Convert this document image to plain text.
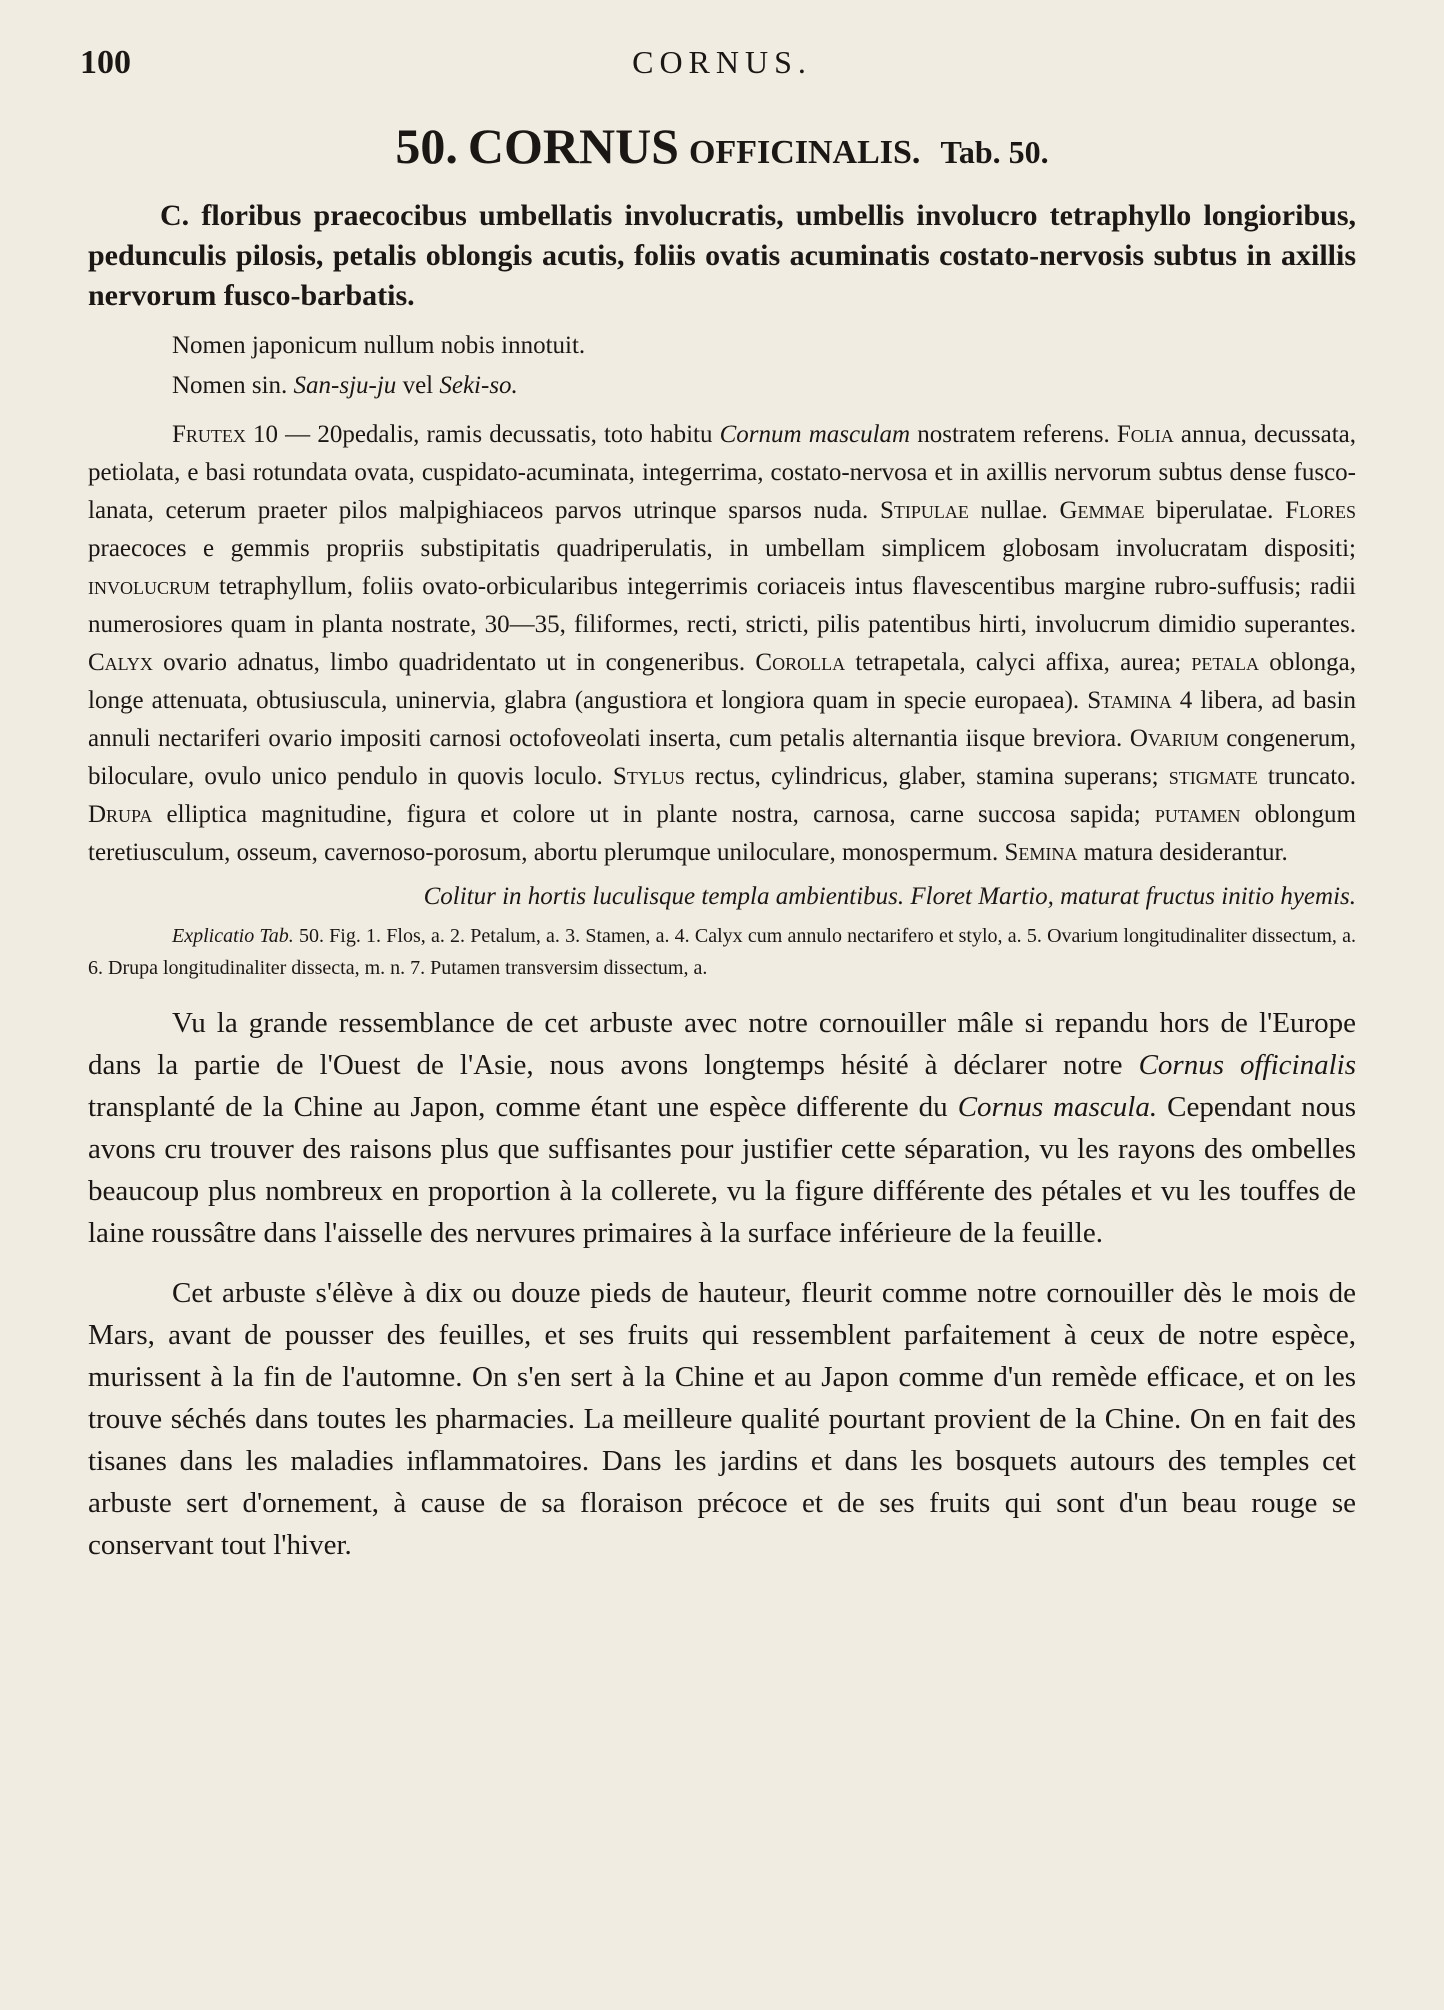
100	CORNUS.
50. CORNUS OFFICINALIS. Tab. 50.

C. floribus praecocibus umbellatis involucratis, umbellis involucro tetraphyllo longioribus, pedunculis pilosis, petalis oblongis acutis, foliis ovatis acuminatis costato-nervosis subtus in axillis nervorum fusco-barbatis.

Nomen japonicum nullum nobis innotuit.

Nomen sin. San-sju-ju vel Seki-so.

Frutex 10 — 20pedalis, ramis decussatis, toto habitu Cornum masculam nostratem referens. Folia annua, decussata, petiolata, e basi rotundata ovata, cuspidato-acuminata, integerrima, costato-nervosa et in axillis nervorum subtus dense fusco-lanata, ceterum praeter pilos malpighiaceos parvos utrinque sparsos nuda. Stipulae nullae. Gemmae biperulatae. Flores praecoces e gemmis propriis substipitatis quadriperulatis, in umbellam simplicem globosam involucratam dispositi; involucrum tetraphyllum, foliis ovato-orbicularibus integerrimis coriaceis intus flavescentibus margine rubro-suffusis; radii numerosiores quam in planta nostrate, 30—35, filiformes, recti, stricti, pilis patentibus hirti, involucrum dimidio superantes. Calyx ovario adnatus, limbo quadridentato ut in congeneribus. Corolla tetrapetala, calyci affixa, aurea; petala oblonga, longe attenuata, obtusiuscula, uninervia, glabra (angustiora et longiora quam in specie europaea). Stamina 4 libera, ad basin annuli nectariferi ovario impositi carnosi octofoveolati inserta, cum petalis alternantia iisque breviora. Ovarium congenerum, biloculare, ovulo unico pendulo in quovis loculo. Stylus rectus, cylindricus, glaber, stamina superans; stigmate truncato. Drupa elliptica magnitudine, figura et colore ut in plante nostra, carnosa, carne succosa sapida; putamen oblongum teretiusculum, osseum, cavernoso-porosum, abortu plerumque uniloculare, monospermum. Semina matura desiderantur.

Colitur in hortis luculisque templa ambientibus. Floret Martio, maturat fructus initio hyemis.

Explicatio Tab. 50. Fig. 1. Flos, a. 2. Petalum, a. 3. Stamen, a. 4. Calyx cum annulo nectarifero et stylo, a. 5. Ovarium longitudinaliter dissectum, a. 6. Drupa longitudinaliter dissecta, m. n. 7. Putamen transversim dissectum, a.

Vu la grande ressemblance de cet arbuste avec notre cornouiller mâle si repandu hors de l'Europe dans la partie de l'Ouest de l'Asie, nous avons longtemps hésité à déclarer notre Cornus officinalis transplanté de la Chine au Japon, comme étant une espèce differente du Cornus mascula. Cependant nous avons cru trouver des raisons plus que suffisantes pour justifier cette séparation, vu les rayons des ombelles beaucoup plus nombreux en proportion à la collerete, vu la figure différente des pétales et vu les touffes de laine roussâtre dans l'aisselle des nervures primaires à la surface inférieure de la feuille.

Cet arbuste s'élève à dix ou douze pieds de hauteur, fleurit comme notre cornouiller dès le mois de Mars, avant de pousser des feuilles, et ses fruits qui ressemblent parfaitement à ceux de notre espèce, murissent à la fin de l'automne. On s'en sert à la Chine et au Japon comme d'un remède efficace, et on les trouve séchés dans toutes les pharmacies. La meilleure qualité pourtant provient de la Chine. On en fait des tisanes dans les maladies inflammatoires. Dans les jardins et dans les bosquets autours des temples cet arbuste sert d'ornement, à cause de sa floraison précoce et de ses fruits qui sont d'un beau rouge se conservant tout l'hiver.
